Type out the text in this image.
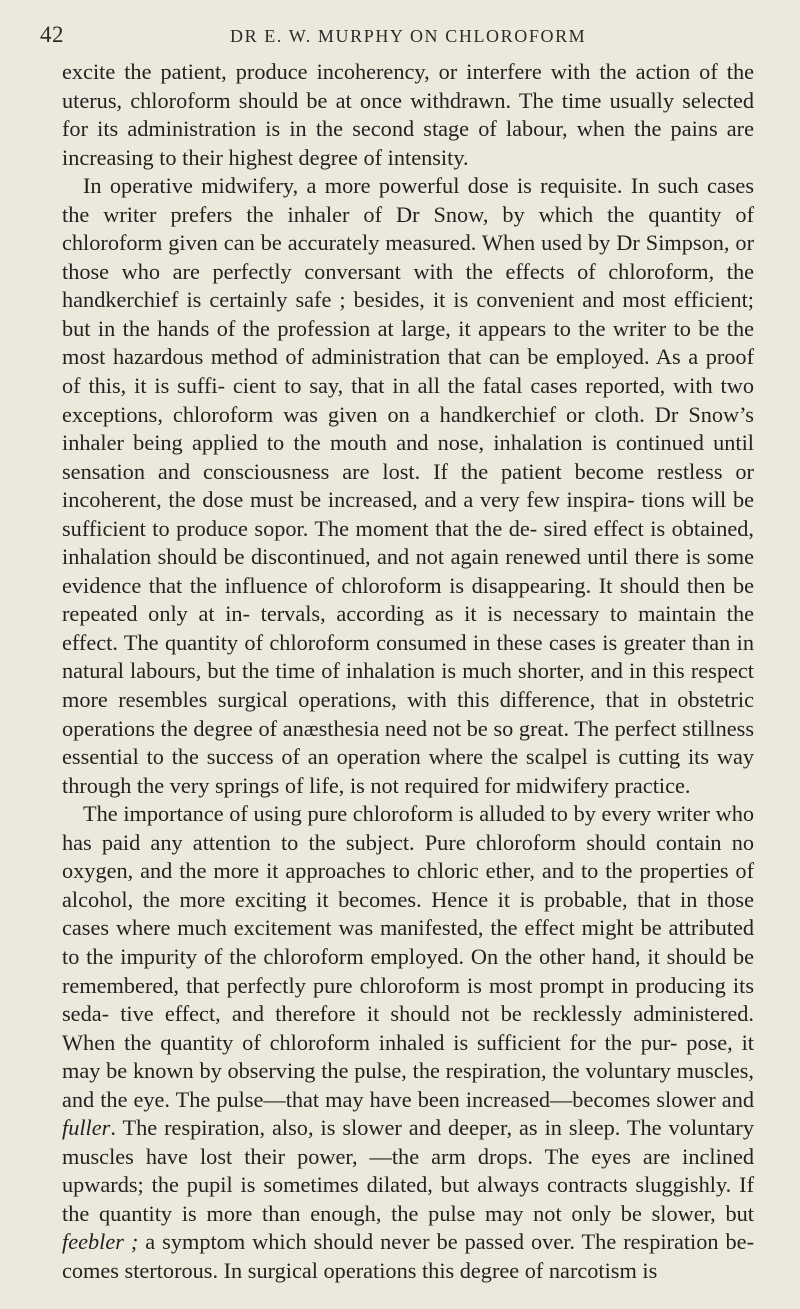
42	DR E. W. MURPHY ON CHLOROFORM

excite the patient, produce incoherency, or interfere with the action of the uterus, chloroform should be at once withdrawn. The time usually selected for its administration is in the second stage of labour, when the pains are increasing to their highest degree of intensity.

In operative midwifery, a more powerful dose is requisite. In such cases the writer prefers the inhaler of Dr Snow, by which the quantity of chloroform given can be accurately measured. When used by Dr Simpson, or those who are perfectly conversant with the effects of chloroform, the handkerchief is certainly safe ; besides, it is convenient and most efficient; but in the hands of the profession at large, it appears to the writer to be the most hazardous method of administration that can be employed. As a proof of this, it is suffi- cient to say, that in all the fatal cases reported, with two exceptions, chloroform was given on a handkerchief or cloth. Dr Snow’s inhaler being applied to the mouth and nose, inhalation is continued until sensation and consciousness are lost. If the patient become restless or incoherent, the dose must be increased, and a very few inspira- tions will be sufficient to produce sopor. The moment that the de- sired effect is obtained, inhalation should be discontinued, and not again renewed until there is some evidence that the influence of chloroform is disappearing. It should then be repeated only at in- tervals, according as it is necessary to maintain the effect. The quantity of chloroform consumed in these cases is greater than in natural labours, but the time of inhalation is much shorter, and in this respect more resembles surgical operations, with this difference, that in obstetric operations the degree of anæsthesia need not be so great. The perfect stillness essential to the success of an operation where the scalpel is cutting its way through the very springs of life, is not required for midwifery practice.

The importance of using pure chloroform is alluded to by every writer who has paid any attention to the subject. Pure chloroform should contain no oxygen, and the more it approaches to chloric ether, and to the properties of alcohol, the more exciting it becomes. Hence it is probable, that in those cases where much excitement was manifested, the effect might be attributed to the impurity of the chloroform employed. On the other hand, it should be remembered, that perfectly pure chloroform is most prompt in producing its seda- tive effect, and therefore it should not be recklessly administered. When the quantity of chloroform inhaled is sufficient for the pur- pose, it may be known by observing the pulse, the respiration, the voluntary muscles, and the eye. The pulse—that may have been increased—becomes slower and fuller. The respiration, also, is slower and deeper, as in sleep. The voluntary muscles have lost their power, —the arm drops. The eyes are inclined upwards; the pupil is sometimes dilated, but always contracts sluggishly. If the quantity is more than enough, the pulse may not only be slower, but feebler ; a symptom which should never be passed over. The respiration be- comes stertorous. In surgical operations this degree of narcotism is
